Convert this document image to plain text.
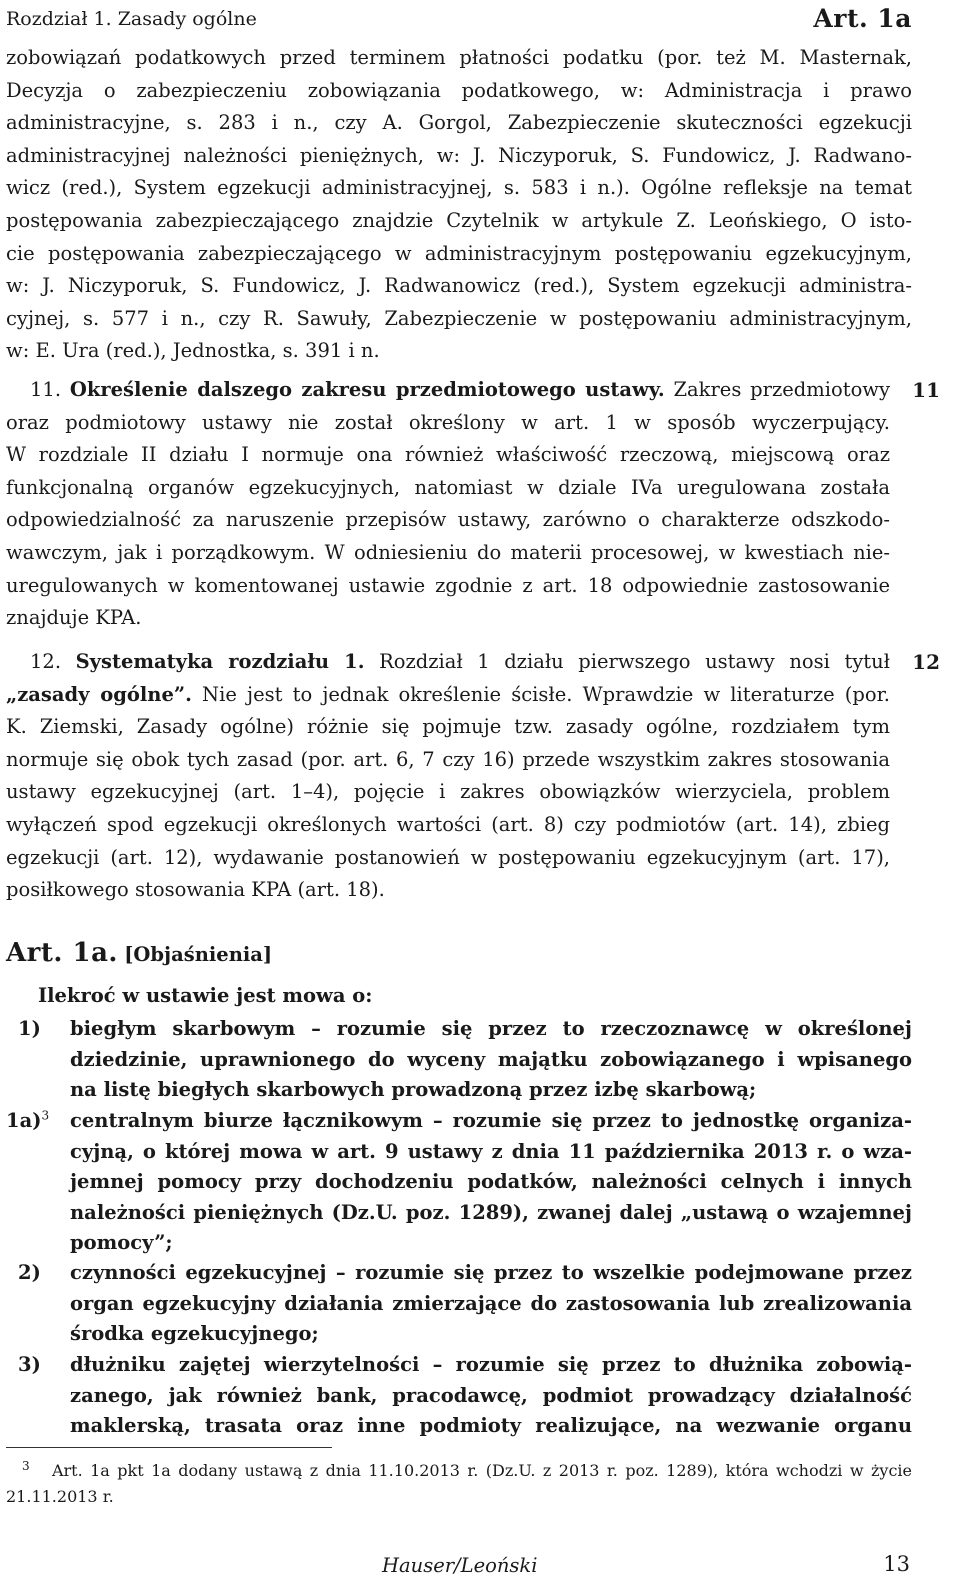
Rozdział 1. Zasady ogólne	Art. 1a
zobowiązań podatkowych przed terminem płatności podatku (por. też M. Masternak,
Decyzja o zabezpieczeniu zobowiązania podatkowego, w: Administracja i prawo
administracyjne, s. 283 i n., czy A. Gorgol, Zabezpieczenie skuteczności egzekucji
administracyjnej należności pieniężnych, w: J. Niczyporuk, S. Fundowicz, J. Radwano-
wicz (red.), System egzekucji administracyjnej, s. 583 i n.). Ogólne refleksje na temat
postępowania zabezpieczającego znajdzie Czytelnik w artykule Z. Leońskiego, O isto-
cie postępowania zabezpieczającego w administracyjnym postępowaniu egzekucyjnym,
w: J. Niczyporuk, S. Fundowicz, J. Radwanowicz (red.), System egzekucji administra-
cyjnej, s. 577 i n., czy R. Sawuły, Zabezpieczenie w postępowaniu administracyjnym,
w: E. Ura (red.), Jednostka, s. 391 i n.
11
11. Określenie dalszego zakresu przedmiotowego ustawy. Zakres przedmiotowy
oraz podmiotowy ustawy nie został określony w art. 1 w sposób wyczerpujący.
W rozdziale II działu I normuje ona również właściwość rzeczową, miejscową oraz
funkcjonalną organów egzekucyjnych, natomiast w dziale IVa uregulowana została
odpowiedzialność za naruszenie przepisów ustawy, zarówno o charakterze odszkodo-
wawczym, jak i porządkowym. W odniesieniu do materii procesowej, w kwestiach nie-
uregulowanych w komentowanej ustawie zgodnie z art. 18 odpowiednie zastosowanie
znajduje KPA.
12
12. Systematyka rozdziału 1. Rozdział 1 działu pierwszego ustawy nosi tytuł
„zasady ogólne”. Nie jest to jednak określenie ścisłe. Wprawdzie w literaturze (por.
K. Ziemski, Zasady ogólne) różnie się pojmuje tzw. zasady ogólne, rozdziałem tym
normuje się obok tych zasad (por. art. 6, 7 czy 16) przede wszystkim zakres stosowania
ustawy egzekucyjnej (art. 1–4), pojęcie i zakres obowiązków wierzyciela, problem
wyłączeń spod egzekucji określonych wartości (art. 8) czy podmiotów (art. 14), zbieg
egzekucji (art. 12), wydawanie postanowień w postępowaniu egzekucyjnym (art. 17),
posiłkowego stosowania KPA (art. 18).
Art. 1a. [Objaśnienia]
Ilekroć w ustawie jest mowa o:
1) biegłym skarbowym – rozumie się przez to rzeczoznawcę w określonej
dziedzinie, uprawnionego do wyceny majątku zobowiązanego i wpisanego
na listę biegłych skarbowych prowadzoną przez izbę skarbową;
1a)$^3$ centralnym biurze łącznikowym – rozumie się przez to jednostkę organiza-
cyjną, o której mowa w art. 9 ustawy z dnia 11 października 2013 r. o wza-
jemnej pomocy przy dochodzeniu podatków, należności celnych i innych
należności pieniężnych (Dz.U. poz. 1289), zwanej dalej „ustawą o wzajemnej
pomocy”;
2) czynności egzekucyjnej – rozumie się przez to wszelkie podejmowane przez
organ egzekucyjny działania zmierzające do zastosowania lub zrealizowania
środka egzekucyjnego;
3) dłużniku zajętej wierzytelności – rozumie się przez to dłużnika zobowią-
zanego, jak również bank, pracodawcę, podmiot prowadzący działalność
maklerską, trasata oraz inne podmioty realizujące, na wezwanie organu
$^3$ Art. 1a pkt 1a dodany ustawą z dnia 11.10.2013 r. (Dz.U. z 2013 r. poz. 1289), która wchodzi w życie
21.11.2013 r.
Hauser/Leoński	13
